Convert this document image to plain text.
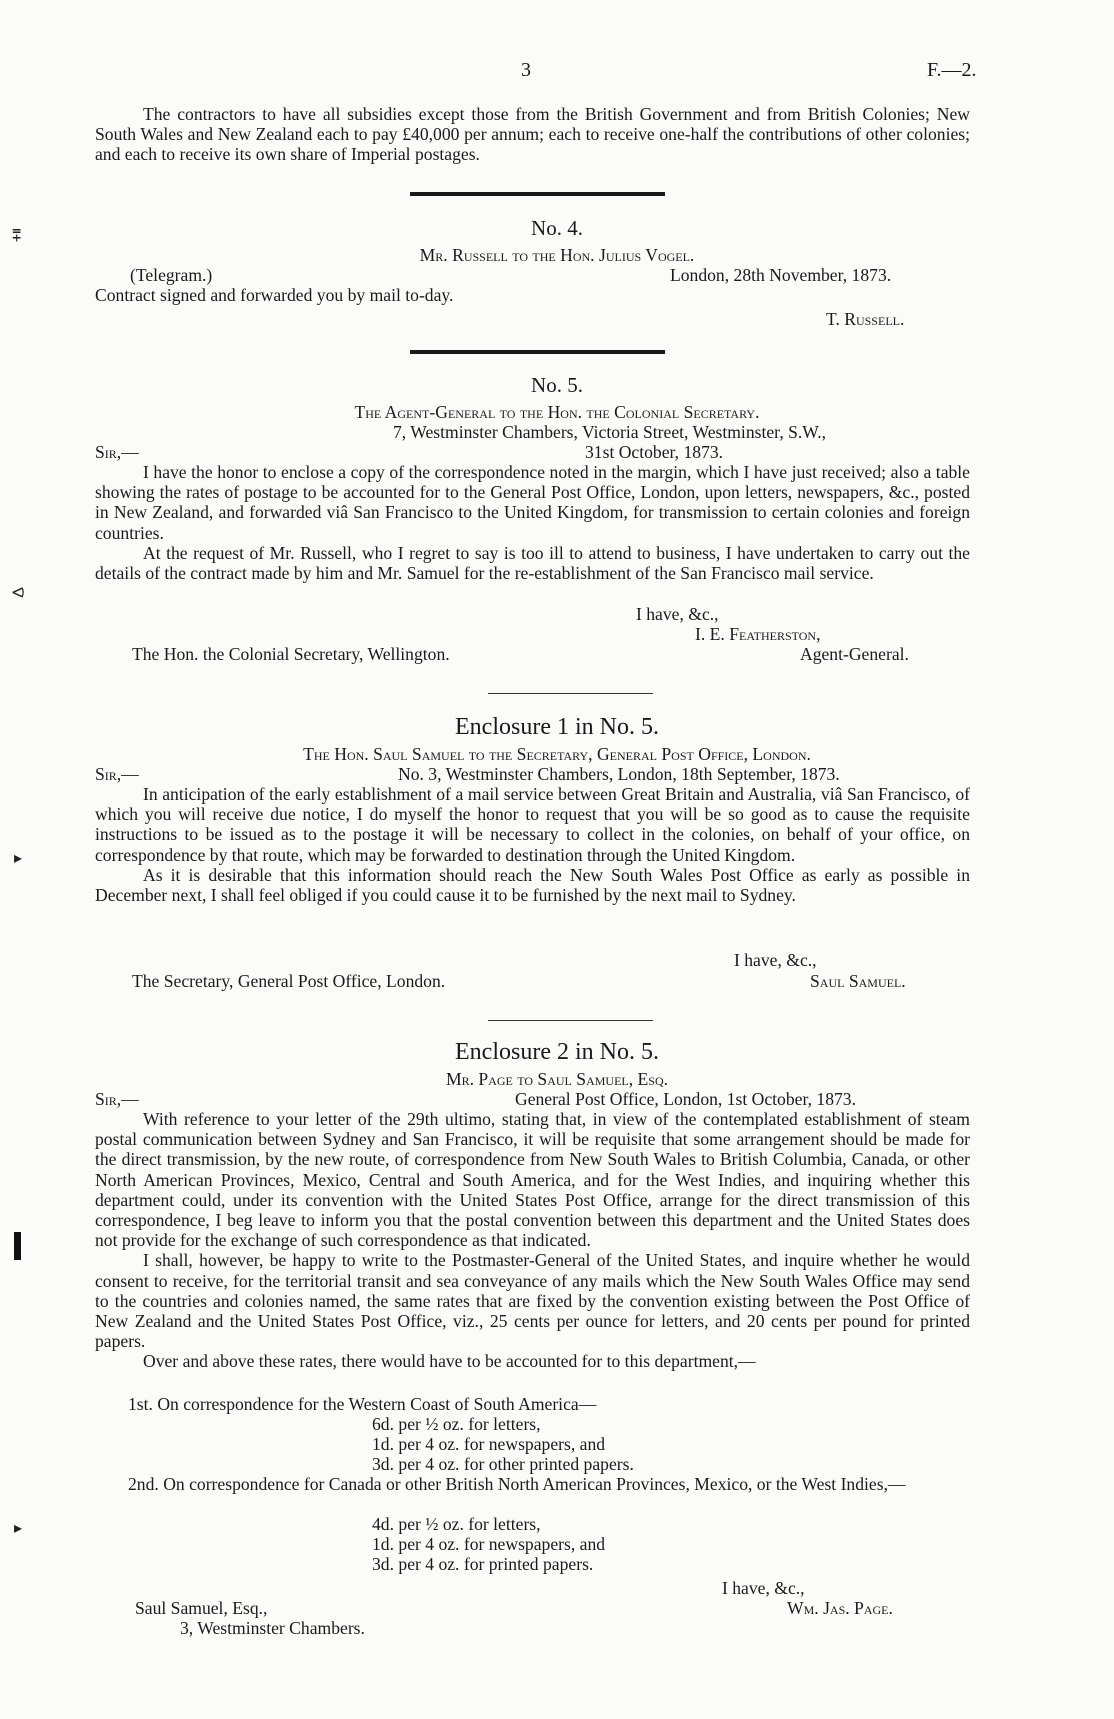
3	F.—2.

The contractors to have all subsidies except those from the British Government and from British Colonies; New South Wales and New Zealand each to pay £40,000 per annum; each to receive one-half the contributions of other colonies; and each to receive its own share of Imperial postages.

No. 4.
Mr. Russell to the Hon. Julius Vogel.
(Telegram.)	London, 28th November, 1873.
Contract signed and forwarded you by mail to-day.
T. Russell.
No. 5.
The Agent-General to the Hon. the Colonial Secretary.
7, Westminster Chambers, Victoria Street, Westminster, S.W.,
Sir,—	31st October, 1873.

I have the honor to enclose a copy of the correspondence noted in the margin, which I have just received; also a table showing the rates of postage to be accounted for to the General Post Office, London, upon letters, newspapers, &c., posted in New Zealand, and forwarded viâ San Francisco to the United Kingdom, for transmission to certain colonies and foreign countries.

At the request of Mr. Russell, who I regret to say is too ill to attend to business, I have undertaken to carry out the details of the contract made by him and Mr. Samuel for the re-establishment of the San Francisco mail service.

I have, &c.,
I. E. Featherston,
The Hon. the Colonial Secretary, Wellington.	Agent-General.
Enclosure 1 in No. 5.
The Hon. Saul Samuel to the Secretary, General Post Office, London.
Sir,—	No. 3, Westminster Chambers, London, 18th September, 1873.

In anticipation of the early establishment of a mail service between Great Britain and Australia, viâ San Francisco, of which you will receive due notice, I do myself the honor to request that you will be so good as to cause the requisite instructions to be issued as to the postage it will be necessary to collect in the colonies, on behalf of your office, on correspondence by that route, which may be forwarded to destination through the United Kingdom.

As it is desirable that this information should reach the New South Wales Post Office as early as possible in December next, I shall feel obliged if you could cause it to be furnished by the next mail to Sydney.

I have, &c.,
The Secretary, General Post Office, London.	Saul Samuel.
Enclosure 2 in No. 5.
Mr. Page to Saul Samuel, Esq.
Sir,—	General Post Office, London, 1st October, 1873.

With reference to your letter of the 29th ultimo, stating that, in view of the contemplated establishment of steam postal communication between Sydney and San Francisco, it will be requisite that some arrangement should be made for the direct transmission, by the new route, of correspondence from New South Wales to British Columbia, Canada, or other North American Provinces, Mexico, Central and South America, and for the West Indies, and inquiring whether this department could, under its convention with the United States Post Office, arrange for the direct transmission of this correspondence, I beg leave to inform you that the postal convention between this department and the United States does not provide for the exchange of such correspondence as that indicated.

I shall, however, be happy to write to the Postmaster-General of the United States, and inquire whether he would consent to receive, for the territorial transit and sea conveyance of any mails which the New South Wales Office may send to the countries and colonies named, the same rates that are fixed by the convention existing between the Post Office of New Zealand and the United States Post Office, viz., 25 cents per ounce for letters, and 20 cents per pound for printed papers.

Over and above these rates, there would have to be accounted for to this department,—

1st. On correspondence for the Western Coast of South America—
6d. per ½ oz. for letters,
1d. per 4 oz. for newspapers, and
3d. per 4 oz. for other printed papers.

2nd. On correspondence for Canada or other British North American Provinces, Mexico, or the West Indies,—

4d. per ½ oz. for letters,
1d. per 4 oz. for newspapers, and
3d. per 4 oz. for printed papers.
I have, &c.,
Saul Samuel, Esq.,	Wm. Jas. Page.
3, Westminster Chambers.
⩱
⪦
▸
▸
